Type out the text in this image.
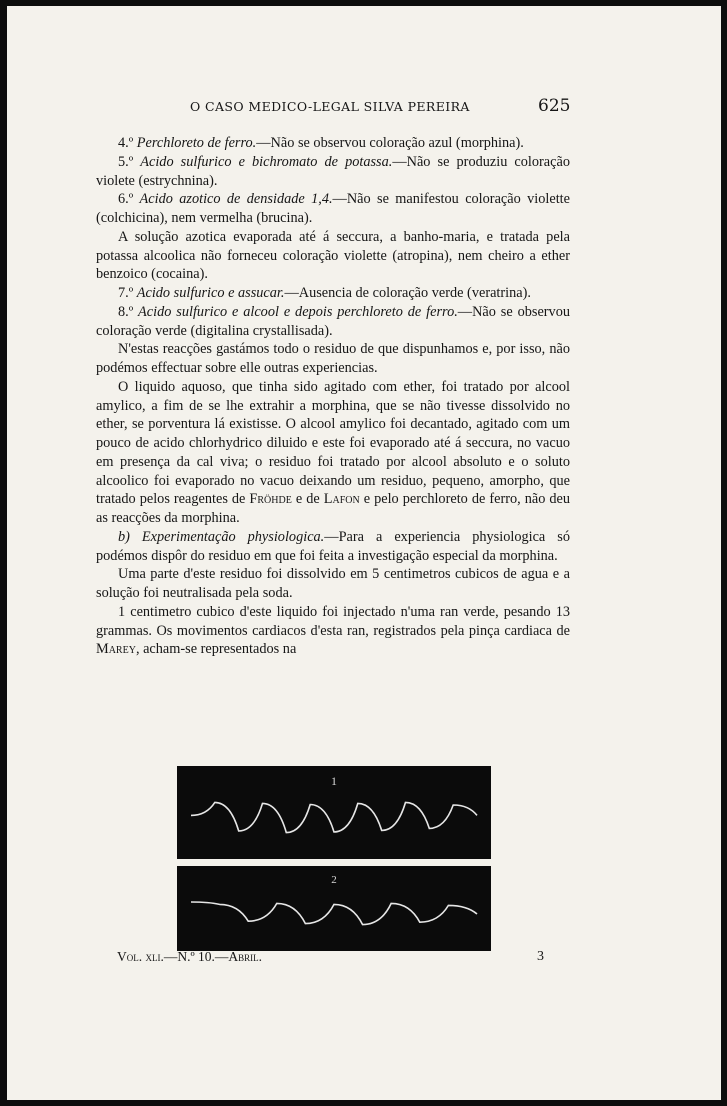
O CASO MEDICO-LEGAL SILVA PEREIRA	625

4.º Perchloreto de ferro.—Não se observou coloração azul (morphina).

5.º Acido sulfurico e bichromato de potassa.—Não se produziu coloração violete (estrychnina).

6.º Acido azotico de densidade 1,4.—Não se manifestou coloração violette (colchicina), nem vermelha (brucina).

A solução azotica evaporada até á seccura, a banho-maria, e tratada pela potassa alcoolica não forneceu coloração violette (atropina), nem cheiro a ether benzoico (cocaina).

7.º Acido sulfurico e assucar.—Ausencia de coloração verde (veratrina).

8.º Acido sulfurico e alcool e depois perchloreto de ferro.—Não se observou coloração verde (digitalina crystallisada).

N'estas reacções gastámos todo o residuo de que dispunhamos e, por isso, não podémos effectuar sobre elle outras experiencias.

O liquido aquoso, que tinha sido agitado com ether, foi tratado por alcool amylico, a fim de se lhe extrahir a morphina, que se não tivesse dissolvido no ether, se porventura lá existisse. O alcool amylico foi decantado, agitado com um pouco de acido chlorhydrico diluido e este foi evaporado até á seccura, no vacuo em presença da cal viva; o residuo foi tratado por alcool absoluto e o soluto alcoolico foi evaporado no vacuo deixando um residuo, pequeno, amorpho, que tratado pelos reagentes de Fröhde e de Lafon e pelo perchloreto de ferro, não deu as reacções da morphina.

b) Experimentação physiologica.—Para a experiencia physiologica só podémos dispôr do residuo em que foi feita a investigação especial da morphina.

Uma parte d'este residuo foi dissolvido em 5 centimetros cubicos de agua e a solução foi neutralisada pela soda.

1 centimetro cubico d'este liquido foi injectado n'uma ran verde, pesando 13 grammas. Os movimentos cardiacos d'esta ran, registrados pela pinça cardiaca de Marey, acham-se representados na

1
2
Vol. xli.—N.º 10.—Abril.	3
